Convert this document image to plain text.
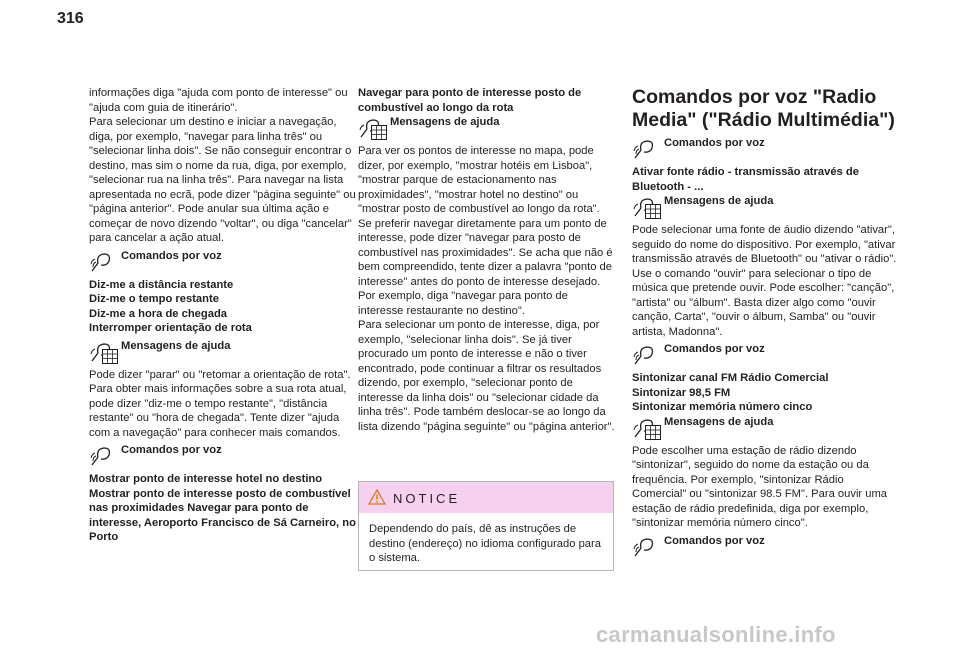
316

informações diga "ajuda com ponto de interesse" ou "ajuda com guia de itinerário".

Para selecionar um destino e iniciar a navegação, diga, por exemplo, "navegar para linha três" ou "selecionar linha dois". Se não conseguir encontrar o destino, mas sim o nome da rua, diga, por exemplo, "selecionar rua na linha três". Para navegar na lista apresentada no ecrã, pode dizer "página seguinte" ou "página anterior". Pode anular sua última ação e começar de novo dizendo "voltar", ou diga "cancelar" para cancelar a ação atual.

Comandos por voz

Diz-me a distância restante

Diz-me o tempo restante

Diz-me a hora de chegada

Interromper orientação de rota

Mensagens de ajuda

Pode dizer "parar" ou "retomar a orientação de rota". Para obter mais informações sobre a sua rota atual, pode dizer "diz-me o tempo restante", "distância restante" ou "hora de chegada". Tente dizer "ajuda com a navegação" para conhecer mais comandos.

Comandos por voz

Mostrar ponto de interesse hotel no destino Mostrar ponto de interesse posto de combustível nas proximidades Navegar para ponto de interesse, Aeroporto Francisco de Sá Carneiro, no Porto

Navegar para ponto de interesse posto de combustível ao longo da rota

Mensagens de ajuda

Para ver os pontos de interesse no mapa, pode dizer, por exemplo, "mostrar hotéis em Lisboa", "mostrar parque de estacionamento nas proximidades", "mostrar hotel no destino" ou "mostrar posto de combustível ao longo da rota". Se preferir navegar diretamente para um ponto de interesse, pode dizer "navegar para posto de combustível nas proximidades". Se acha que não é bem compreendido, tente dizer a palavra "ponto de interesse" antes do ponto de interesse desejado. Por exemplo, diga "navegar para ponto de interesse restaurante no destino".

Para selecionar um ponto de interesse, diga, por exemplo, "selecionar linha dois". Se já tiver procurado um ponto de interesse e não o tiver encontrado, pode continuar a filtrar os resultados dizendo, por exemplo, "selecionar ponto de interesse da linha dois" ou "selecionar cidade da linha três". Pode também deslocar-se ao longo da lista dizendo "página seguinte" ou "página anterior".

NOTICE
Dependendo do país, dê as instruções de destino (endereço) no idioma configurado para o sistema.
Comandos por voz "Radio Media" ("Rádio Multimédia")
Comandos por voz

Ativar fonte rádio - transmissão através de Bluetooth - ...

Mensagens de ajuda

Pode selecionar uma fonte de áudio dizendo "ativar", seguido do nome do dispositivo. Por exemplo, "ativar transmissão através de Bluetooth" ou "ativar o rádio". Use o comando "ouvir" para selecionar o tipo de música que pretende ouvir. Pode escolher: "canção", "artista" ou "álbum". Basta dizer algo como "ouvir canção, Carta", "ouvir o álbum, Samba" ou "ouvir artista, Madonna".

Comandos por voz

Sintonizar canal FM Rádio Comercial

Sintonizar 98,5 FM

Sintonizar memória número cinco

Mensagens de ajuda

Pode escolher uma estação de rádio dizendo "sintonizar", seguido do nome da estação ou da frequência. Por exemplo, "sintonizar Rádio Comercial" ou "sintonizar 98.5 FM". Para ouvir uma estação de rádio predefinida, diga por exemplo, "sintonizar memória número cinco".

Comandos por voz
carmanualsonline.info
